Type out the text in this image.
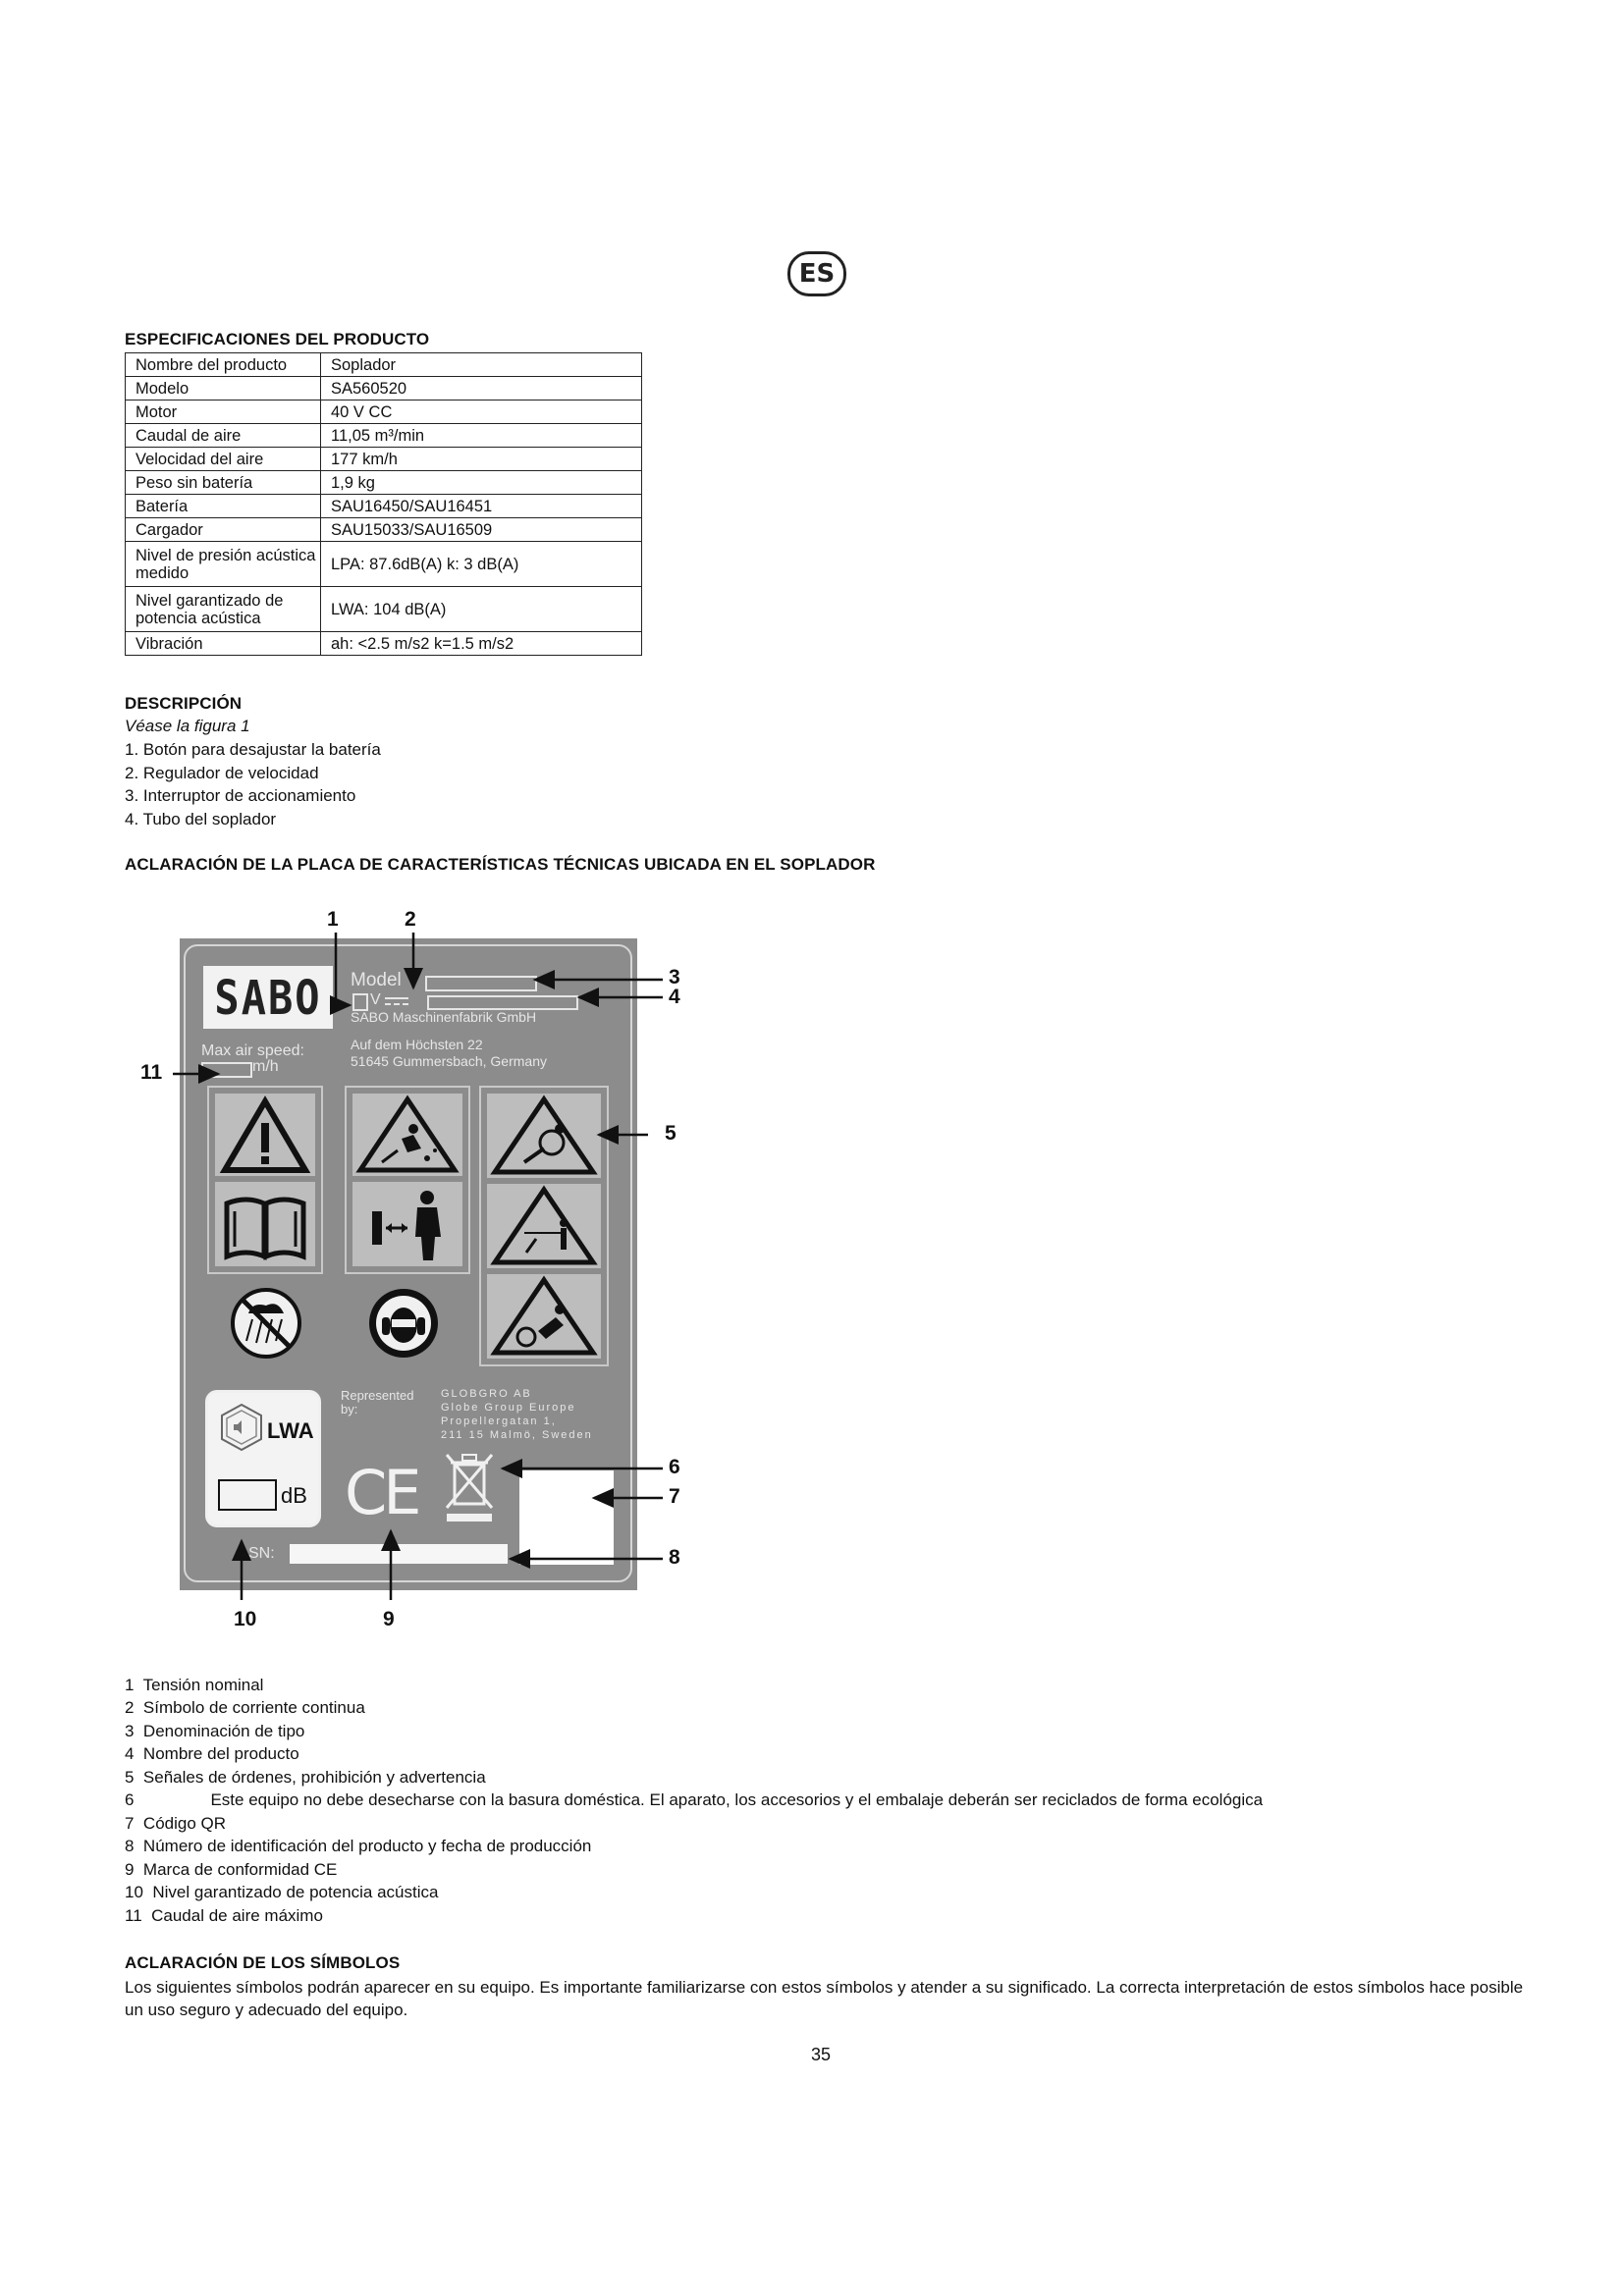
ES
ESPECIFICACIONES DEL PRODUCTO
Nombre del producto	Soplador
Modelo	SA560520
Motor	40 V CC
Caudal de aire	11,05 m³/min
Velocidad del aire	177 km/h
Peso sin batería	1,9 kg
Batería	SAU16450/SAU16451
Cargador	SAU15033/SAU16509
Nivel de presión acústica medido	LPA: 87.6dB(A) k: 3 dB(A)
Nivel garantizado de potencia acústica	LWA: 104 dB(A)
Vibración	ah: <2.5 m/s2 k=1.5 m/s2
DESCRIPCIÓN
Véase la figura 1
1. Botón para desajustar la batería
2. Regulador de velocidad
3. Interruptor de accionamiento
4. Tubo del soplador
ACLARACIÓN DE LA PLACA DE CARACTERÍSTICAS TÉCNICAS UBICADA EN EL SOPLADOR
SABO Model
V
SABO Maschinenfabrik GmbH
Auf dem Höchsten 22
51645 Gummersbach, Germany
Max air speed:
m/h
LWA
dB
Represented
by:
GLOBGRO AB
Globe Group Europe
Propellergatan 1,
211 15 Malmö, Sweden
CE
SN:
1	2
3
4
5
6
7
8
9
10
11
1 Tensión nominal
2 Símbolo de corriente continua
3 Denominación de tipo
4 Nombre del producto
5 Señales de órdenes, prohibición y advertencia
6	Este equipo no debe desecharse con la basura doméstica. El aparato, los accesorios y el embalaje deberán ser reciclados de forma ecológica
7 Código QR
8 Número de identificación del producto y fecha de producción
9 Marca de conformidad CE
10 Nivel garantizado de potencia acústica
11 Caudal de aire máximo
ACLARACIÓN DE LOS SÍMBOLOS
Los siguientes símbolos podrán aparecer en su equipo. Es importante familiarizarse con estos símbolos y atender a su significado. La correcta interpretación de estos símbolos hace posible
un uso seguro y adecuado del equipo.
35
